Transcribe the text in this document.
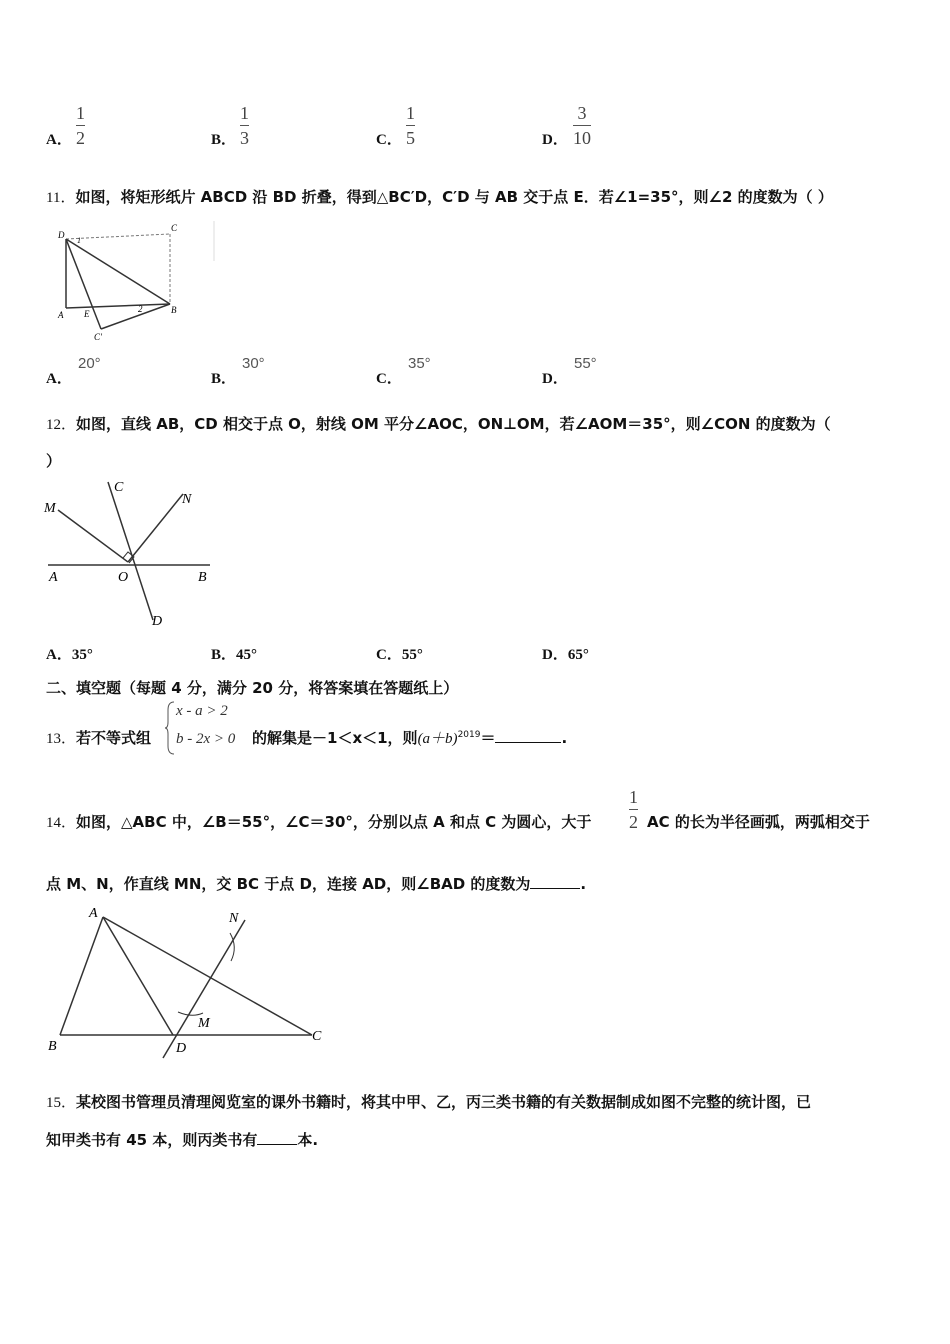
A．
1
2	B．
1
3	C．
1
5	D．
3
10
11．如图，将矩形纸片 ABCD 沿 BD 折叠，得到△BC′D，C′D 与 AB 交于点 E．若∠1=35°，则∠2 的度数为（ ）
D
C
A E	B
C′
1
2
A．
20°
B．
30°
C．
35°
D．
55°
12．如图，直线 AB，CD 相交于点 O，射线 OM 平分∠AOC，ON⊥OM，若∠AOM＝35°，则∠CON 的度数为（
）
M
C
N
A	O	B
D
A．35°	B．45°	C．55°	D．65°
二、填空题（每题 4 分，满分 20 分，将答案填在答题纸上）
13．若不等式组
x - a > 2
b - 2x > 0 的解集是－1＜x＜1，则$(a+b)^{2019}=$	.
14．如图，△ABC 中，∠B＝55°，∠C＝30°，分别以点 A 和点 C 为圆心，大于
1
2 AC 的长为半径画弧，两弧相交于
点 M、N，作直线 MN，交 BC 于点 D，连接 AD，则∠BAD 的度数为	.
A
B
C
D
M
N
15．某校图书管理员清理阅览室的课外书籍时，将其中甲、乙，丙三类书籍的有关数据制成如图不完整的统计图，已
知甲类书有 45 本，则丙类书有	本.
